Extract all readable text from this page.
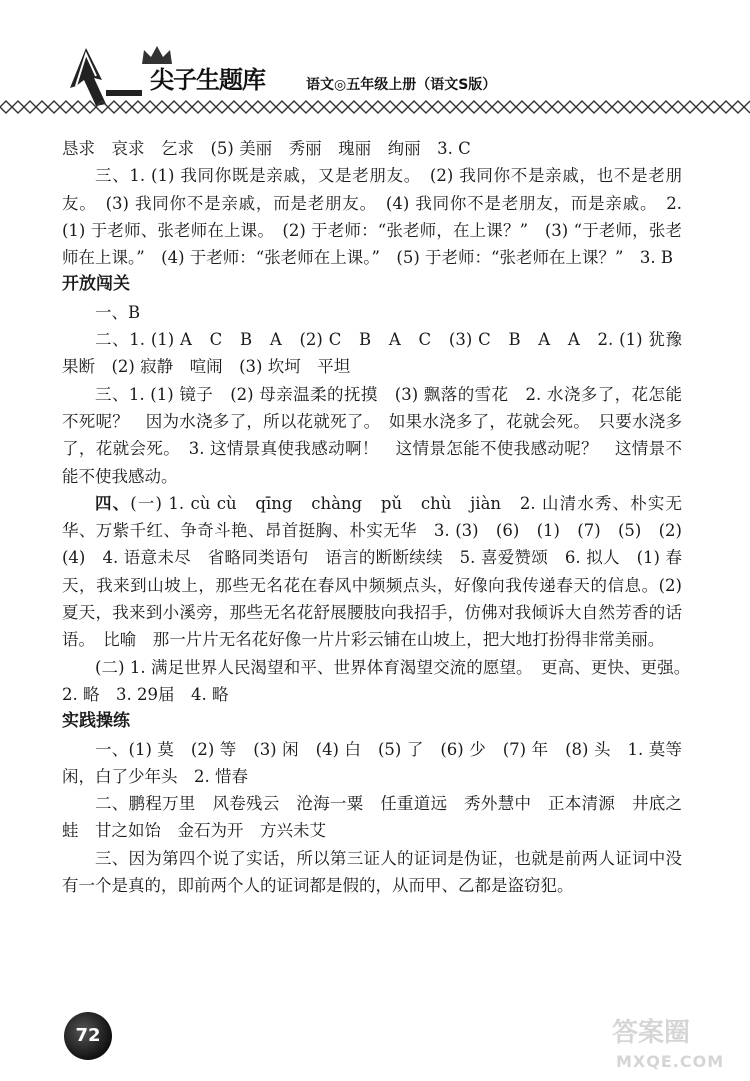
尖子生题库	语文◎五年级上册（语文S版）

恳求　哀求　乞求　(5) 美丽　秀丽　瑰丽　绚丽　3. C

三、1. (1) 我同你既是亲戚，又是老朋友。　(2) 我同你不是亲戚，也不是老朋友。　(3) 我同你不是亲戚，而是老朋友。　(4) 我同你不是老朋友，而是亲戚。　2. (1) 于老师、张老师在上课。　(2) 于老师：“张老师，在上课？”　(3) “于老师，张老师在上课。”　(4) 于老师：“张老师在上课。”　(5) 于老师：“张老师在上课？”　3. B

开放闯关

一、B

二、1. (1) A　C　B　A　(2) C　B　A　C　(3) C　B　A　A　2. (1) 犹豫　果断　(2) 寂静　喧闹　(3) 坎坷　平坦

三、1. (1) 镜子　(2) 母亲温柔的抚摸　(3) 飘落的雪花　2. 水浇多了，花怎能不死呢？　因为水浇多了，所以花就死了。　如果水浇多了，花就会死。　只要水浇多了，花就会死。　3. 这情景真使我感动啊！　这情景怎能不使我感动呢？　这情景不能不使我感动。

四、(一) 1. cù cù　qīng　chàng　pǔ　chù　jiàn　2. 山清水秀、朴实无华、万紫千红、争奇斗艳、昂首挺胸、朴实无华　3. (3)　(6)　(1)　(7)　(5)　(2)　(4)　4. 语意未尽　省略同类语句　语言的断断续续　5. 喜爱赞颂　6. 拟人　(1) 春天，我来到山坡上，那些无名花在春风中频频点头，好像向我传递春天的信息。(2) 夏天，我来到小溪旁，那些无名花舒展腰肢向我招手，仿佛对我倾诉大自然芳香的话语。　比喻　那一片片无名花好像一片片彩云铺在山坡上，把大地打扮得非常美丽。

(二) 1. 满足世界人民渴望和平、世界体育渴望交流的愿望。　更高、更快、更强。　2. 略　3. 29届　4. 略

实践操练

一、(1) 莫　(2) 等　(3) 闲　(4) 白　(5) 了　(6) 少　(7) 年　(8) 头　1. 莫等闲，白了少年头　2. 惜春

二、鹏程万里　风卷残云　沧海一粟　任重道远　秀外慧中　正本清源　井底之蛙　甘之如饴　金石为开　方兴未艾

三、因为第四个说了实话，所以第三证人的证词是伪证，也就是前两人证词中没有一个是真的，即前两个人的证词都是假的，从而甲、乙都是盗窃犯。

72	答案圈
MXQE.COM
